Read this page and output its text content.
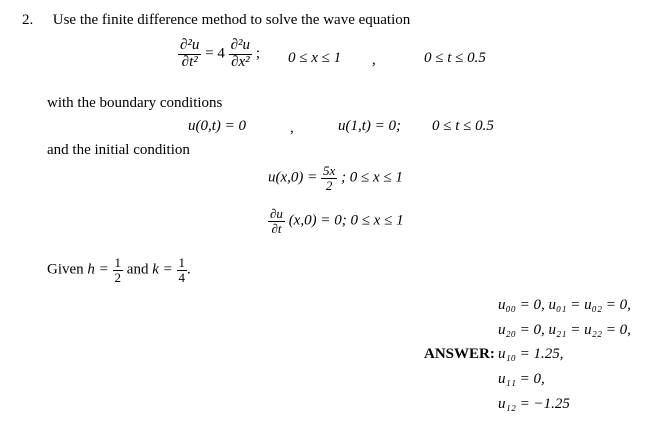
2. Use the finite difference method to solve the wave equation
$\frac{\text{∂²u}}{\text{∂t²}} = 4 \frac{\text{∂²u}}{\text{∂x²}}$ ; 0 ≤ x ≤ 1 ,	0 ≤ t ≤ 0.5
with the boundary conditions
u(0,t) = 0	,	u(1,t) = 0; 0 ≤ t ≤ 0.5
and the initial condition
$u(x,0) = \frac{5x}{2}$ ; 0 ≤ x ≤ 1
$\frac{\partial u}{\partial t} (x,0) = 0$; 0 ≤ x ≤ 1
Given $h = \frac{1}{2}$ and $k = \frac{1}{4}$ .
u₀₀ = 0, u₀₁ = u₀₂ = 0,
u₂₀ = 0, u₂₁ = u₂₂ = 0,
ANSWER: u₁₀ = 1.25,
u₁₁ = 0,
u₁₂ = −1.25
